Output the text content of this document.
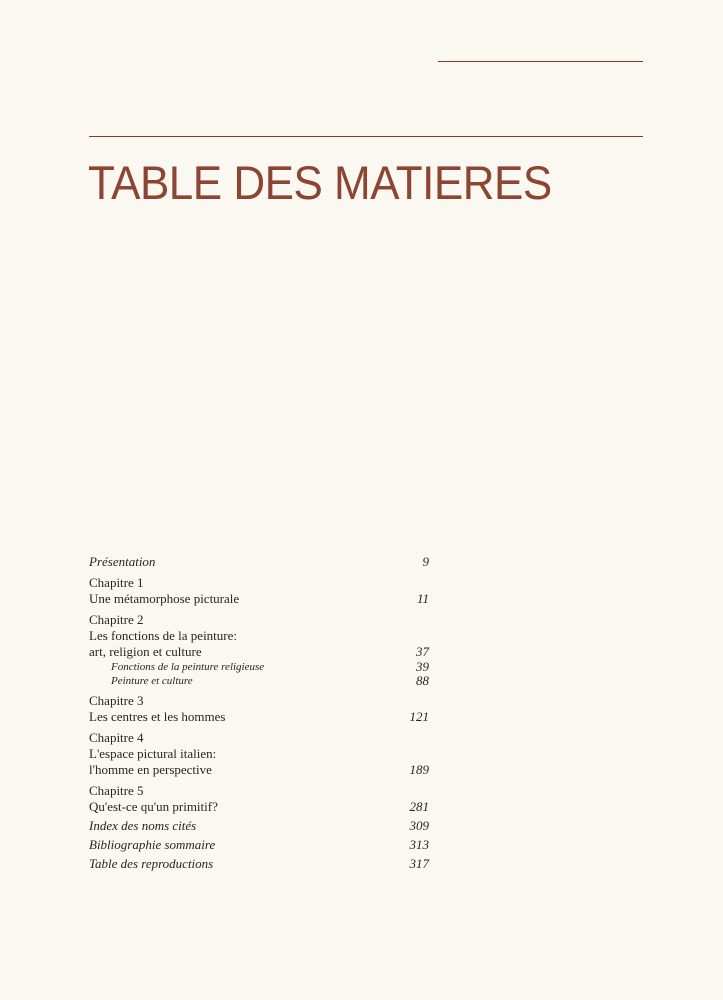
TABLE DES MATIERES
Présentation	9
Chapitre 1
Une métamorphose picturale	11
Chapitre 2
Les fonctions de la peinture:
art, religion et culture	37
Fonctions de la peinture religieuse	39
Peinture et culture	88
Chapitre 3
Les centres et les hommes	121
Chapitre 4
L'espace pictural italien:
l'homme en perspective	189
Chapitre 5
Qu'est-ce qu'un primitif?	281
Index des noms cités	309
Bibliographie sommaire	313
Table des reproductions	317
